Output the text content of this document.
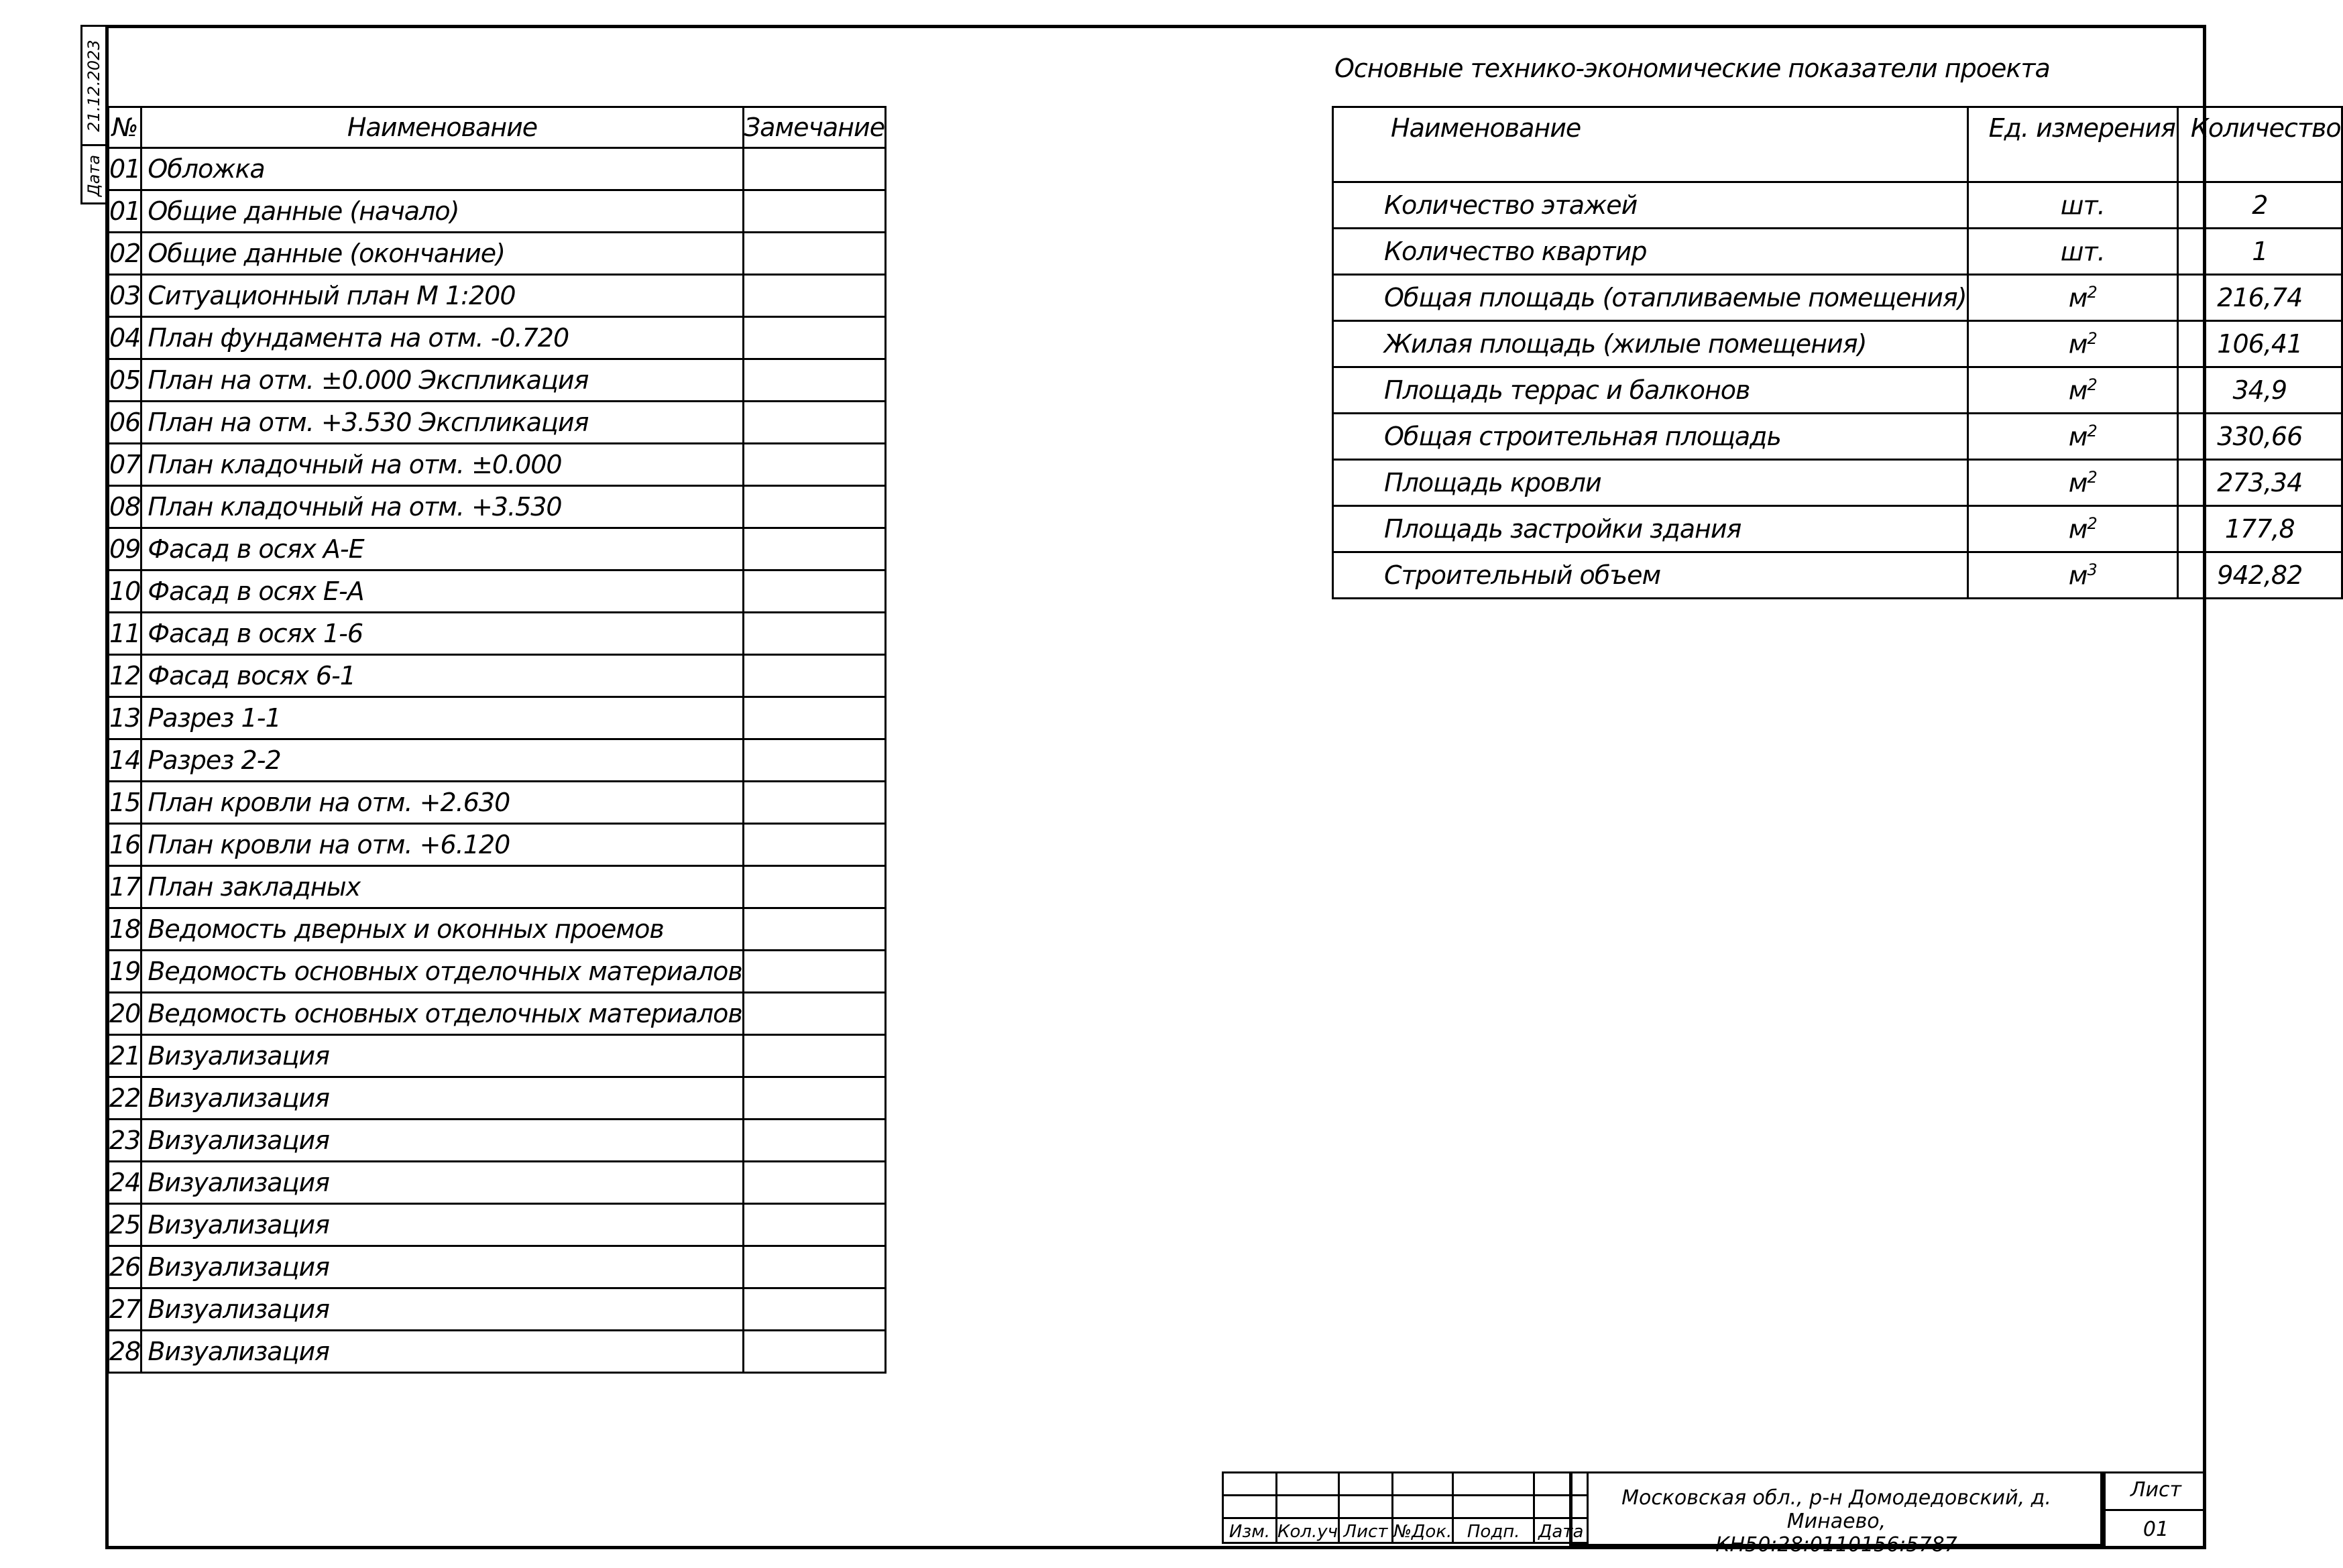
21.12.2023
Дата
№	Наименование	Замечание
01	Обложка	
01	Общие данные (начало)	
02	Общие данные (окончание)	
03	Ситуационный план М 1:200	
04	План фундамента на отм. -0.720	
05	План на отм. ±0.000 Экспликация	
06	План на отм. +3.530 Экспликация	
07	План кладочный на отм. ±0.000	
08	План кладочный на отм. +3.530	
09	Фасад в осях А-Е	
10	Фасад в осях Е-А	
11	Фасад в осях 1-6	
12	Фасад восях 6-1	
13	Разрез 1-1	
14	Разрез 2-2	
15	План кровли на отм. +2.630	
16	План кровли на отм. +6.120	
17	План закладных	
18	Ведомость дверных и оконных проемов	
19	Ведомость основных отделочных материалов	
20	Ведомость основных отделочных материалов	
21	Визуализация	
22	Визуализация	
23	Визуализация	
24	Визуализация	
25	Визуализация	
26	Визуализация	
27	Визуализация	
28	Визуализация	
Основные технико-экономические показатели проекта
Наименование	Ед. измерения	Количество
Количество этажей	шт.	2
Количество квартир	шт.	1
Общая площадь (отапливаемые помещения)	$м^2$	216,74
Жилая площадь (жилые помещения)	$м^2$	106,41
Площадь террас и балконов	$м^2$	34,9
Общая строительная площадь	$м^2$	330,66
Площадь кровли	$м^2$	273,34
Площадь застройки здания	$м^2$	177,8
Строительный объем	$м^3$	942,82

Изм.	Кол.уч	Лист	№Док.	Подп.	Дата
Московская обл., р-н Домодедовский, д. Минаево,
КН50:28:0110156:5787
Лист
01
